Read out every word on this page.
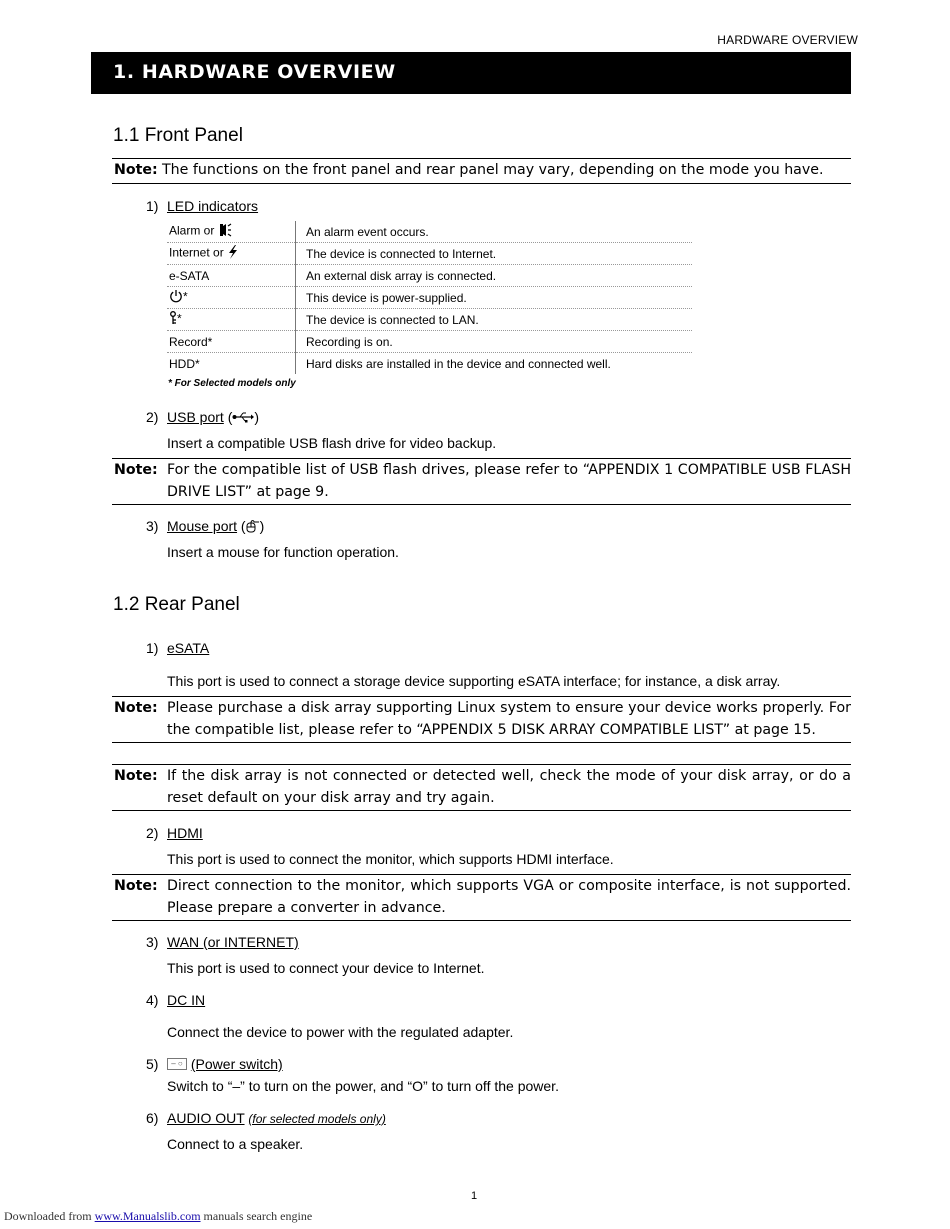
HARDWARE OVERVIEW
1. HARDWARE OVERVIEW
1.1 Front Panel
Note: The functions on the front panel and rear panel may vary, depending on the mode you have.
1) LED indicators
Alarm or	An alarm event occurs.
Internet or	The device is connected to Internet.
e-SATA	An external disk array is connected.
*	This device is power-supplied.
*	The device is connected to LAN.
Record*	Recording is on.
HDD*	Hard disks are installed in the device and connected well.
* For Selected models only
2) USB port ( )
Insert a compatible USB flash drive for video backup.
Note: For the compatible list of USB flash drives, please refer to “APPENDIX 1 COMPATIBLE USB FLASH DRIVE LIST” at page 9.
3) Mouse port ( )
Insert a mouse for function operation.
1.2 Rear Panel
1) eSATA
This port is used to connect a storage device supporting eSATA interface; for instance, a disk array.
Note: Please purchase a disk array supporting Linux system to ensure your device works properly. For the compatible list, please refer to “APPENDIX 5 DISK ARRAY COMPATIBLE LIST” at page 15.
Note: If the disk array is not connected or detected well, check the mode of your disk array, or do a reset default on your disk array and try again.
2) HDMI
This port is used to connect the monitor, which supports HDMI interface.
Note: Direct connection to the monitor, which supports VGA or composite interface, is not supported. Please prepare a converter in advance.
3) WAN (or INTERNET)
This port is used to connect your device to Internet.
4) DC IN
Connect the device to power with the regulated adapter.
5) – ○ (Power switch)
Switch to “–” to turn on the power, and “O” to turn off the power.
6) AUDIO OUT (for selected models only)
Connect to a speaker.
1
Downloaded from www.Manualslib.com manuals search engine
